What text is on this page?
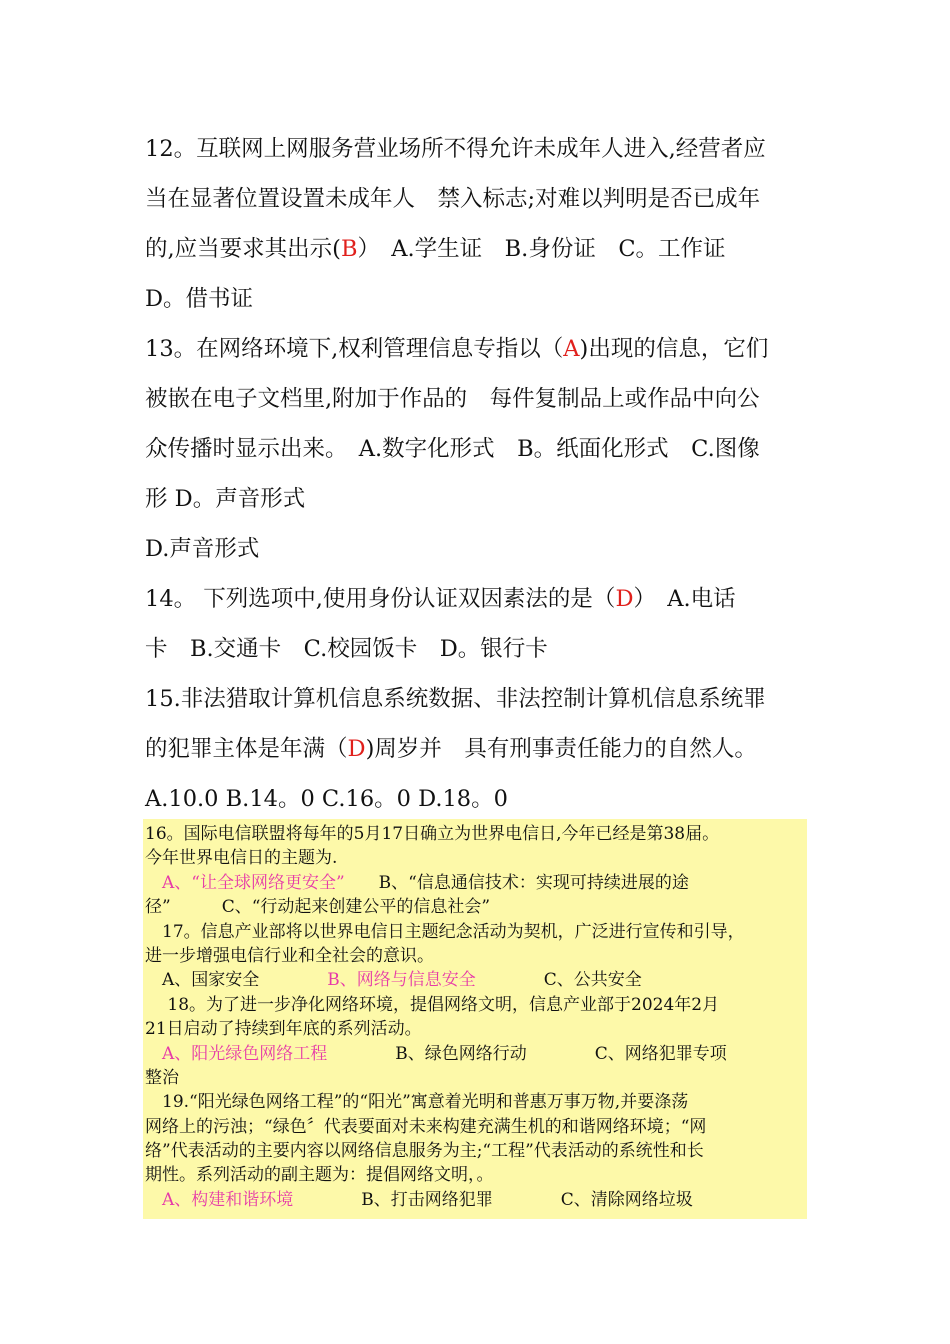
12。互联网上网服务营业场所不得允许未成年人进入,经营者应
当在显著位置设置未成年人　禁入标志;对难以判明是否已成年
的,应当要求其出示(B）　A.学生证　B.身份证　C。工作证
D。借书证
13。在网络环境下,权利管理信息专指以（A)出现的信息，它们
被嵌在电子文档里,附加于作品的　每件复制品上或作品中向公
众传播时显示出来。　A.数字化形式　B。纸面化形式　C.图像
形 D。声音形式
D.声音形式
14。 下列选项中,使用身份认证双因素法的是（D）　A.电话
卡　B.交通卡　C.校园饭卡　D。银行卡
15.非法猎取计算机信息系统数据、非法控制计算机信息系统罪
的犯罪主体是年满（D)周岁并　具有刑事责任能力的自然人。
A.10.0 B.14。0 C.16。0 D.18。0
16。国际电信联盟将每年的5月17日确立为世界电信日,今年已经是第38届。
今年世界电信日的主题为.
　A、“让全球网络更安全”　　B、“信息通信技术：实现可持续进展的途
径”　　　C、“行动起来创建公平的信息社会”
　17。信息产业部将以世界电信日主题纪念活动为契机，广泛进行宣传和引导，
进一步增强电信行业和全社会的意识。
　A、国家安全　　　　B、网络与信息安全　　　　C、公共安全
　 18。为了进一步净化网络环境，提倡网络文明，信息产业部于2024年2月
21日启动了持续到年底的系列活动。
　A、阳光绿色网络工程　　　　B、绿色网络行动　　　　C、网络犯罪专项
整治
　19.“阳光绿色网络工程”的“阳光”寓意着光明和普惠万事万物,并要涤荡
网络上的污浊；“绿色〞代表要面对未来构建充满生机的和谐网络环境；“网
络”代表活动的主要内容以网络信息服务为主;“工程”代表活动的系统性和长
期性。系列活动的副主题为：提倡网络文明，。
　A、构建和谐环境　　　　B、打击网络犯罪　　　　C、清除网络垃圾
